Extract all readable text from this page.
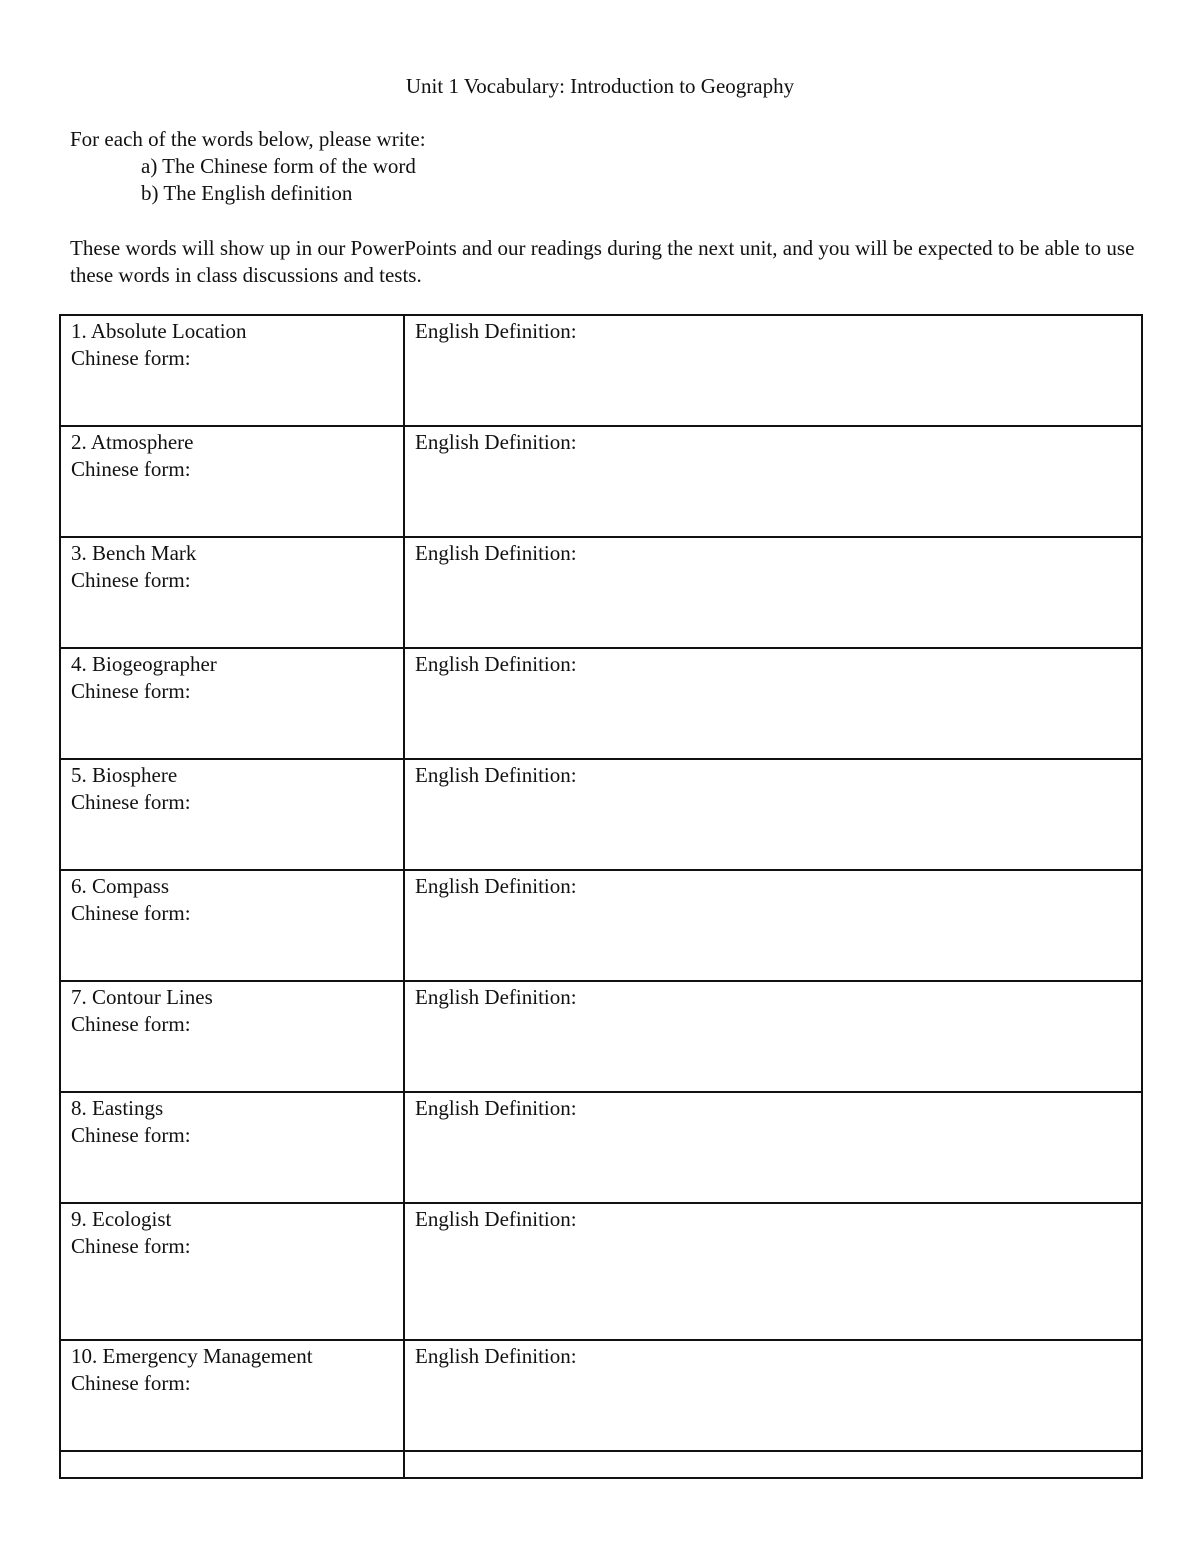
Unit 1 Vocabulary: Introduction to Geography
For each of the words below, please write:
a) The Chinese form of the word
b) The English definition
These words will show up in our PowerPoints and our readings during the next unit, and you will be expected to be able to use these words in class discussions and tests.
1. Absolute Location
Chinese form:	English Definition:

2. Atmosphere
Chinese form:	English Definition:

3. Bench Mark
Chinese form:	English Definition:

4. Biogeographer
Chinese form:	English Definition:

5. Biosphere
Chinese form:	English Definition:

6. Compass
Chinese form:	English Definition:

7. Contour Lines
Chinese form:	English Definition:

8. Eastings
Chinese form:	English Definition:

9. Ecologist
Chinese form:	English Definition:

10. Emergency Management
Chinese form:	English Definition:
